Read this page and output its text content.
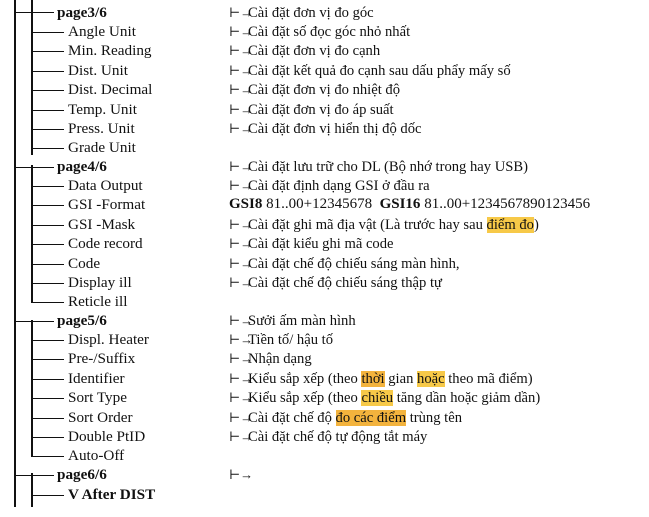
page3/6
Angle Unit
Min. Reading
Dist. Unit
Dist. Decimal
Temp. Unit
Press. Unit
Grade Unit
page4/6
Data Output
GSI -Format
GSI -Mask
Code record
Code
Display ill
Reticle ill
page5/6
Displ. Heater
Pre-/Suffix
Identifier
Sort Type
Sort Order
Double PtID
Auto-Off
page6/6
V After DIST
⊢→Cài đặt đơn vị đo góc
⊢→Cài đặt số đọc góc nhỏ nhất
⊢→Cài đặt đơn vị đo cạnh
⊢→Cài đặt kết quả đo cạnh sau dấu phẩy mấy số
⊢→Cài đặt đơn vị đo nhiệt độ
⊢→Cài đặt đơn vị đo áp suất
⊢→Cài đặt đơn vị hiển thị độ dốc
⊢→Cài đặt lưu trữ cho DL (Bộ nhớ trong hay USB)
⊢→Cài đặt định dạng GSI ở đầu ra
GSI8 81..00+12345678 GSI16 81..00+1234567890123456
⊢→Cài đặt ghi mã địa vật (Là trước hay sau điểm đo)
⊢→Cài đặt kiểu ghi mã code
⊢→Cài đặt chế độ chiếu sáng màn hình,
⊢→Cài đặt chế độ chiếu sáng thập tự
⊢→Sưởi ấm màn hình
⊢→Tiền tố/ hậu tố
⊢→Nhận dạng
⊢→Kiểu sắp xếp (theo thời gian hoặc theo mã điểm)
⊢→Kiểu sắp xếp (theo chiều tăng dần hoặc giảm dần)
⊢→Cài đặt chế độ đo các điểm trùng tên
⊢→Cài đặt chế độ tự động tắt máy
⊢→
